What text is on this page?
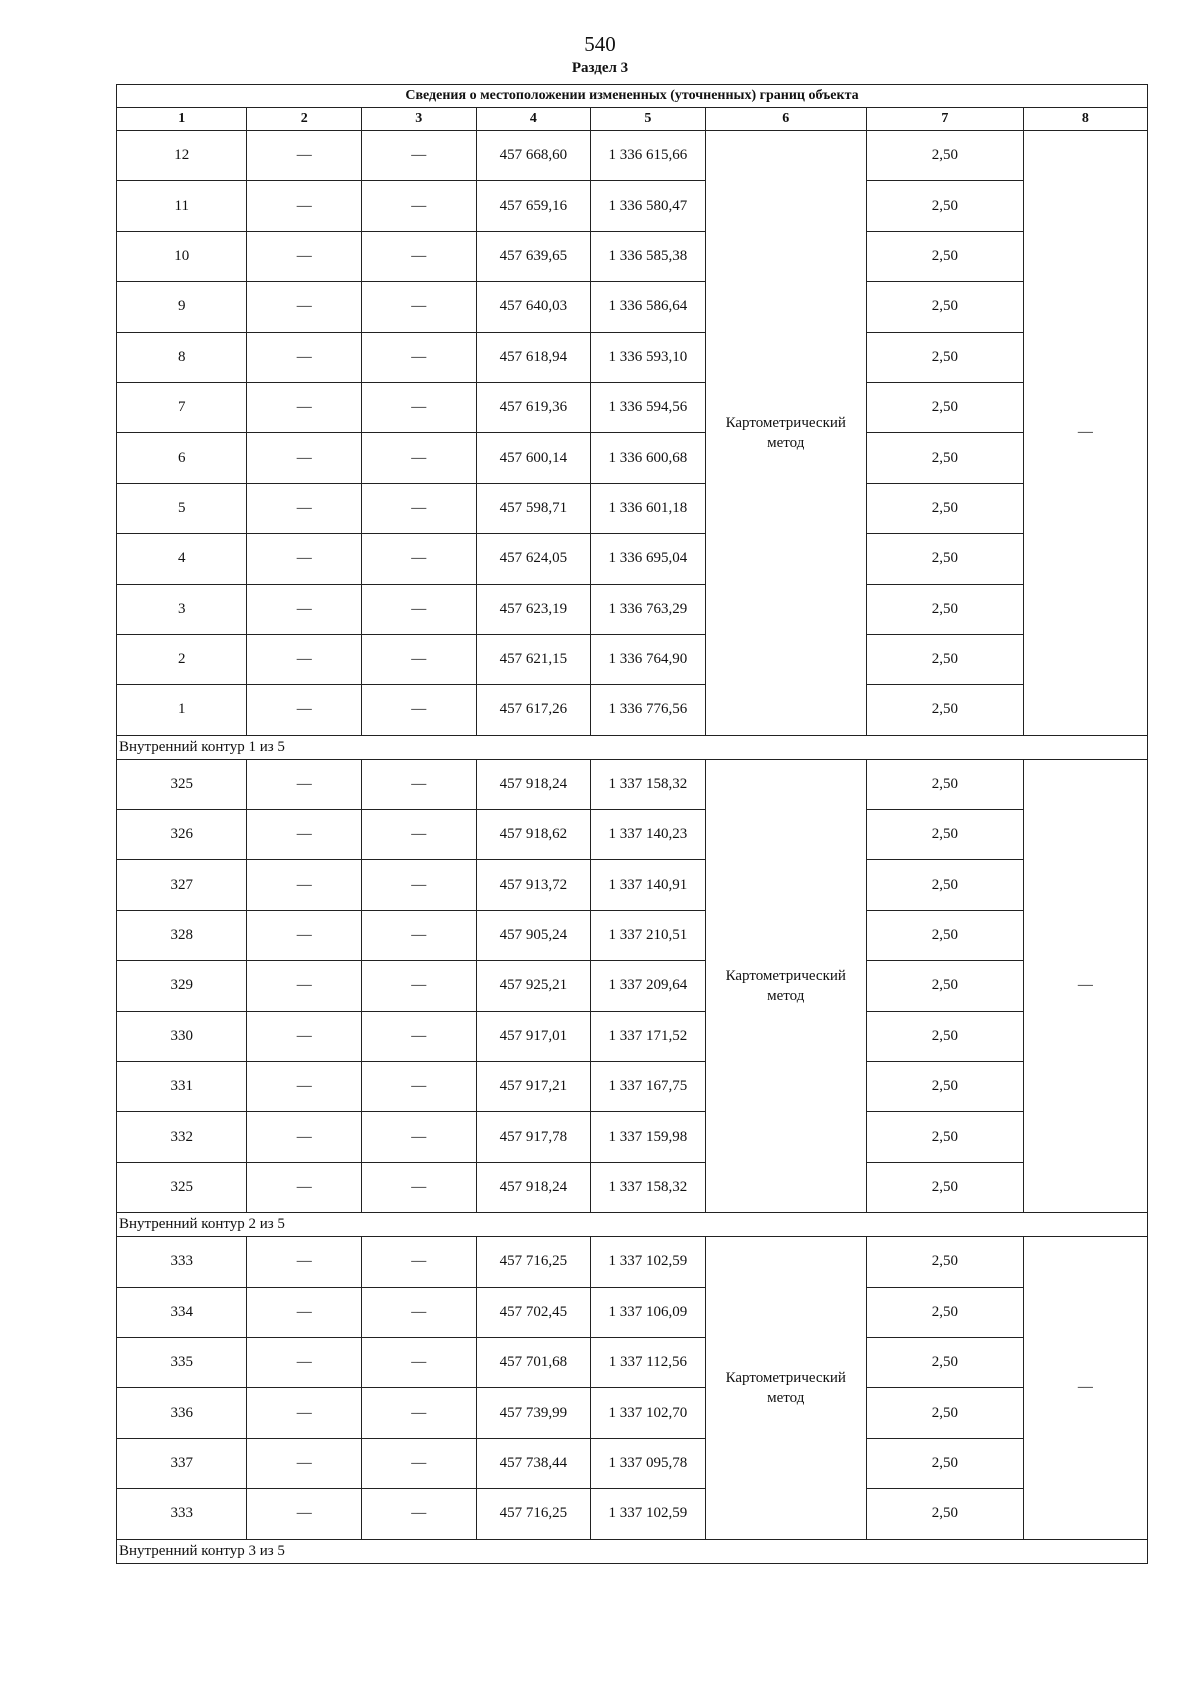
540
Раздел 3
Сведения о местоположении измененных (уточненных) границ объекта							
1	2	3	4	5	6	7	8
12	—	—	457 668,60	1 336 615,66	Картометрический метод	2,50	—
11	—	—	457 659,16	1 336 580,47		2,50	
10	—	—	457 639,65	1 336 585,38		2,50	
9	—	—	457 640,03	1 336 586,64		2,50	
8	—	—	457 618,94	1 336 593,10		2,50	
7	—	—	457 619,36	1 336 594,56		2,50	
6	—	—	457 600,14	1 336 600,68		2,50	
5	—	—	457 598,71	1 336 601,18		2,50	
4	—	—	457 624,05	1 336 695,04		2,50	
3	—	—	457 623,19	1 336 763,29		2,50	
2	—	—	457 621,15	1 336 764,90		2,50	
1	—	—	457 617,26	1 336 776,56		2,50	
Внутренний контур 1 из 5							
325	—	—	457 918,24	1 337 158,32	Картометрический метод	2,50	—
326	—	—	457 918,62	1 337 140,23		2,50	
327	—	—	457 913,72	1 337 140,91		2,50	
328	—	—	457 905,24	1 337 210,51		2,50	
329	—	—	457 925,21	1 337 209,64		2,50	
330	—	—	457 917,01	1 337 171,52		2,50	
331	—	—	457 917,21	1 337 167,75		2,50	
332	—	—	457 917,78	1 337 159,98		2,50	
325	—	—	457 918,24	1 337 158,32		2,50	
Внутренний контур 2 из 5							
333	—	—	457 716,25	1 337 102,59	Картометрический метод	2,50	—
334	—	—	457 702,45	1 337 106,09		2,50	
335	—	—	457 701,68	1 337 112,56		2,50	
336	—	—	457 739,99	1 337 102,70		2,50	
337	—	—	457 738,44	1 337 095,78		2,50	
333	—	—	457 716,25	1 337 102,59		2,50	
Внутренний контур 3 из 5							
